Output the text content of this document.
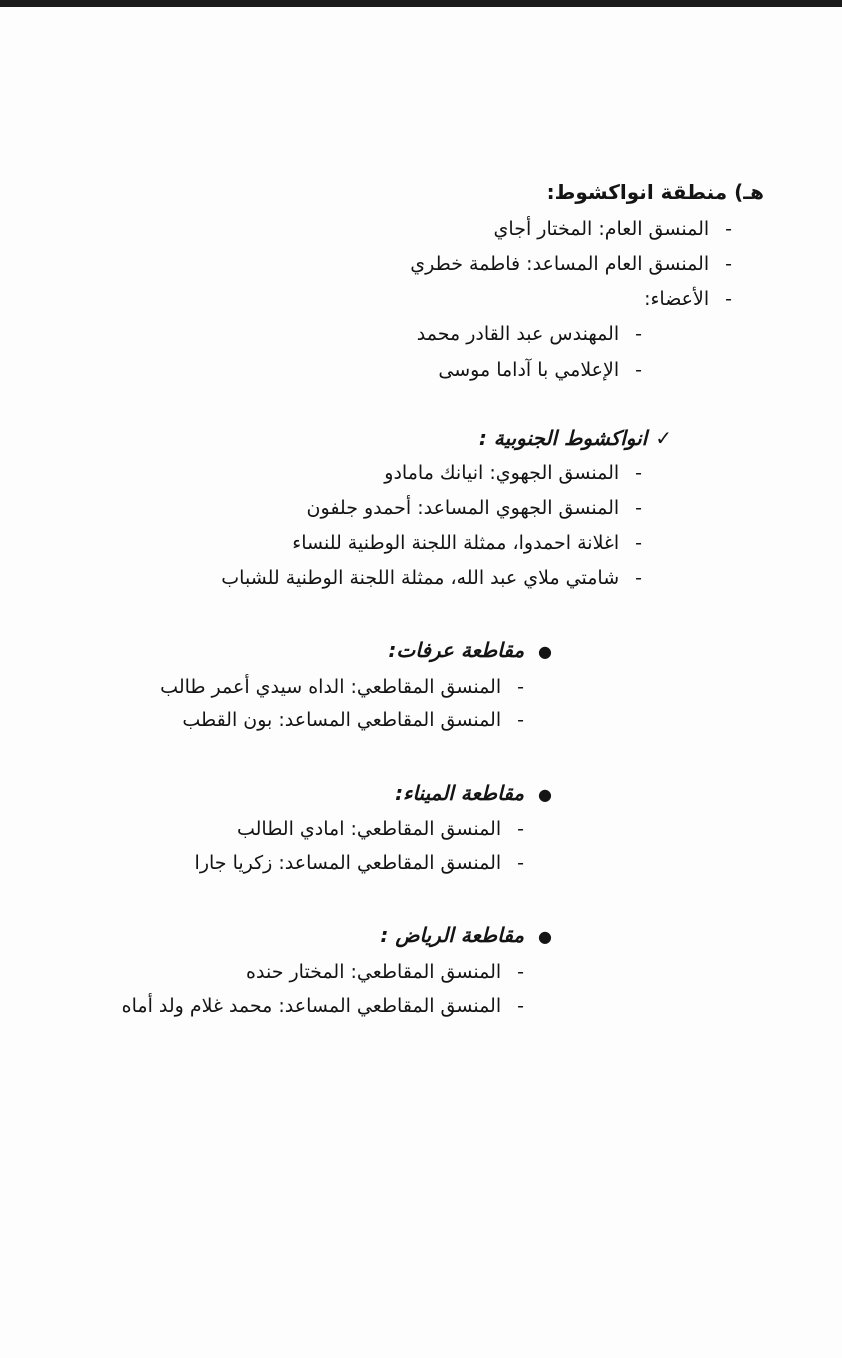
هـ) منطقة انواكشوط:
-المنسق العام: المختار أجاي
-المنسق العام المساعد: فاطمة خطري
-الأعضاء:
-المهندس عبد القادر محمد
-الإعلامي با آداما موسى
✓انواكشوط الجنوبية :
-المنسق الجهوي: انيانك مامادو
-المنسق الجهوي المساعد: أحمدو جلفون
-اغلانة احمدوا، ممثلة اللجنة الوطنية للنساء
-شامتي ملاي عبد الله، ممثلة اللجنة الوطنية للشباب
●مقاطعة عرفات:
-المنسق المقاطعي: الداه سيدي أعمر طالب
-المنسق المقاطعي المساعد: بون القطب
●مقاطعة الميناء:
-المنسق المقاطعي: امادي الطالب
-المنسق المقاطعي المساعد: زكريا جارا
●مقاطعة الرياض :
-المنسق المقاطعي: المختار حنده
-المنسق المقاطعي المساعد: محمد غلام ولد أماه
